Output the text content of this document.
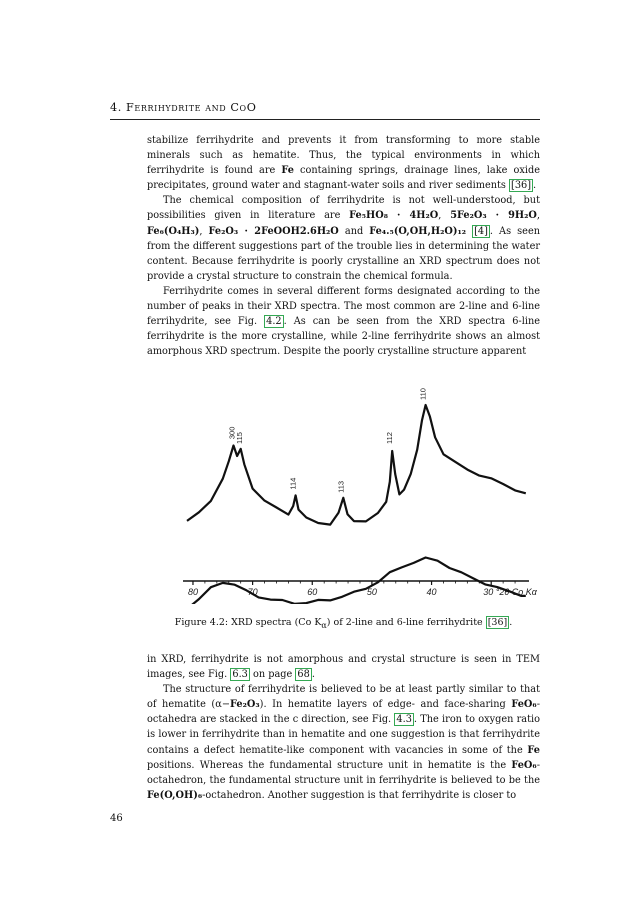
4. Ferrihydrite and CoO

stabilize ferrihydrite and prevents it from transforming to more stable minerals such as hematite. Thus, the typical environments in which ferrihydrite is found are Fe containing springs, drainage lines, lake oxide precipitates, ground water and stagnant-water soils and river sediments [36] .

The chemical composition of ferrihydrite is not well-understood, but possibilities given in literature are Fe₅HO₈ · 4H₂O, 5Fe₂O₃ · 9H₂O, Fe₆(O₄H₃), Fe₂O₃ · 2FeOOH2.6H₂O and Fe₄.₅(O,OH,H₂O)₁₂ [4] . As seen from the different suggestions part of the trouble lies in determining the water content. Because ferrihydrite is poorly crystalline an XRD spectrum does not provide a crystal structure to constrain the chemical formula.

Ferrihydrite comes in several different forms designated according to the number of peaks in their XRD spectra. The most common are 2-line and 6-line ferrihydrite, see Fig. 4.2 . As can be seen from the XRD spectra 6-line ferrihydrite is the more crystalline, while 2-line ferrihydrite shows an almost amorphous XRD spectrum. Despite the poorly crystalline structure apparent

80	70	60	50	40	30 °2θ Co Kα
300
115
114	113
112
110
Figure 4.2: XRD spectra (Co $K_\alpha$) of 2-line and 6-line ferrihydrite [36] .
46

in XRD, ferrihydrite is not amorphous and crystal structure is seen in TEM images, see Fig. 6.3 on page 68 .

The structure of ferrihydrite is believed to be at least partly similar to that of hematite (α−Fe₂O₃). In hematite layers of edge- and face-sharing FeO₆-octahedra are stacked in the c direction, see Fig. 4.3 . The iron to oxygen ratio is lower in ferrihydrite than in hematite and one suggestion is that ferrihydrite contains a defect hematite-like component with vacancies in some of the Fe positions. Whereas the fundamental structure unit in hematite is the FeO₆-octahedron, the fundamental structure unit in ferrihydrite is believed to be the Fe(O,OH)₆-octahedron. Another suggestion is that ferrihydrite is closer to
